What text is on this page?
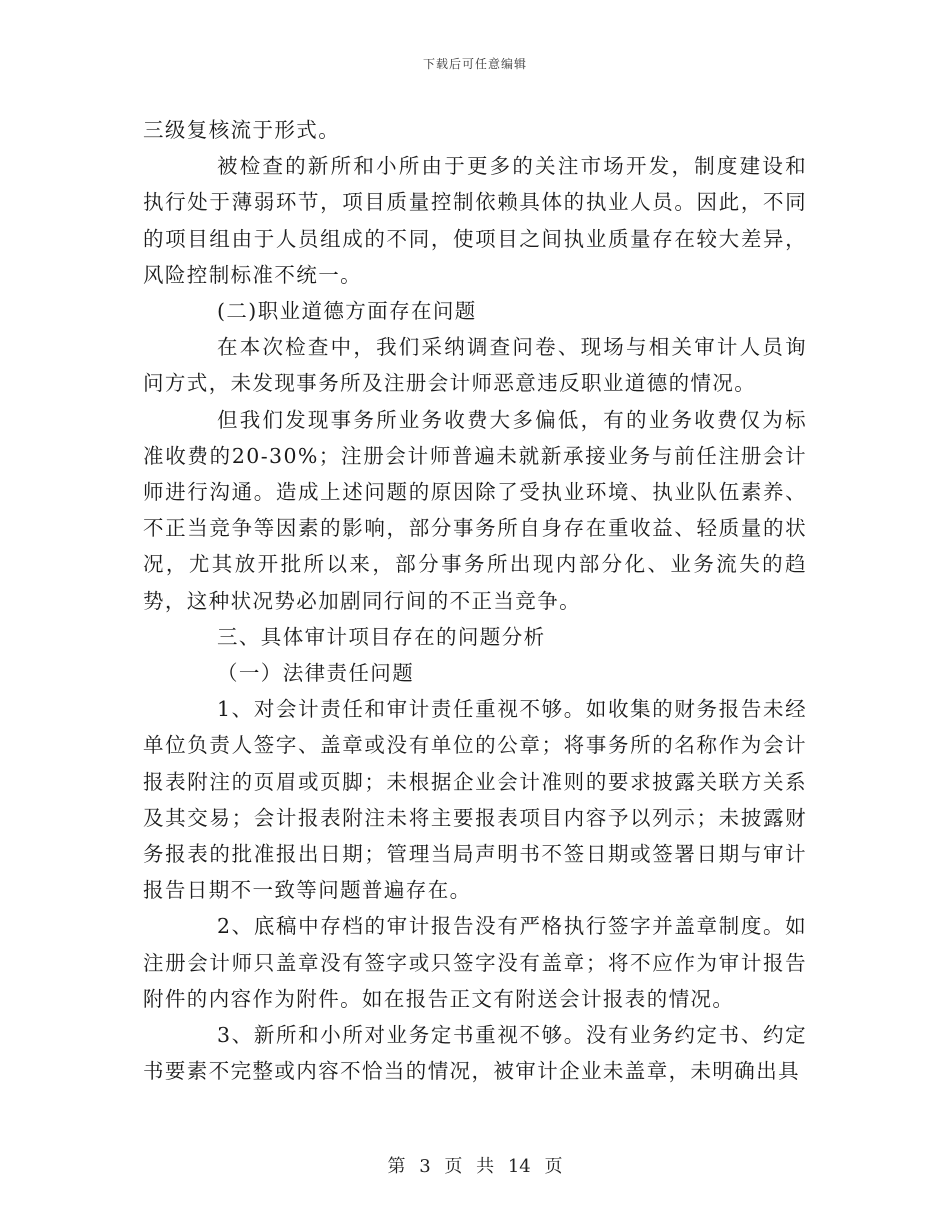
下载后可任意编辑

三级复核流于形式。

被检查的新所和小所由于更多的关注市场开发，制度建设和执行处于薄弱环节，项目质量控制依赖具体的执业人员。因此，不同的项目组由于人员组成的不同，使项目之间执业质量存在较大差异，风险控制标准不统一。

(二)职业道德方面存在问题

在本次检查中，我们采纳调查问卷、现场与相关审计人员询问方式，未发现事务所及注册会计师恶意违反职业道德的情况。

但我们发现事务所业务收费大多偏低，有的业务收费仅为标准收费的20-30%；注册会计师普遍未就新承接业务与前任注册会计师进行沟通。造成上述问题的原因除了受执业环境、执业队伍素养、不正当竞争等因素的影响，部分事务所自身存在重收益、轻质量的状况，尤其放开批所以来，部分事务所出现内部分化、业务流失的趋势，这种状况势必加剧同行间的不正当竞争。

三、具体审计项目存在的问题分析

（一）法律责任问题

1、对会计责任和审计责任重视不够。如收集的财务报告未经单位负责人签字、盖章或没有单位的公章；将事务所的名称作为会计报表附注的页眉或页脚；未根据企业会计准则的要求披露关联方关系及其交易；会计报表附注未将主要报表项目内容予以列示；未披露财务报表的批准报出日期；管理当局声明书不签日期或签署日期与审计报告日期不一致等问题普遍存在。

2、底稿中存档的审计报告没有严格执行签字并盖章制度。如注册会计师只盖章没有签字或只签字没有盖章；将不应作为审计报告附件的内容作为附件。如在报告正文有附送会计报表的情况。

3、新所和小所对业务定书重视不够。没有业务约定书、约定书要素不完整或内容不恰当的情况，被审计企业未盖章，未明确出具

第 3 页 共 14 页
